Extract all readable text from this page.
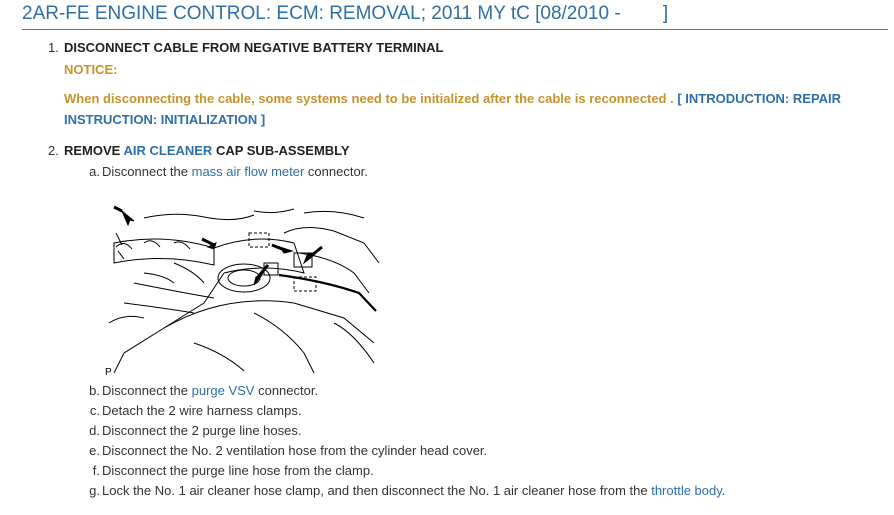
2AR-FE ENGINE CONTROL: ECM: REMOVAL; 2011 MY tC [08/2010 -        ]
1. DISCONNECT CABLE FROM NEGATIVE BATTERY TERMINAL
NOTICE:
When disconnecting the cable, some systems need to be initialized after the cable is reconnected . [ INTRODUCTION: REPAIR
INSTRUCTION: INITIALIZATION ]
2. REMOVE AIR CLEANER CAP SUB-ASSEMBLY
a. Disconnect the mass air flow meter connector.
P
b. Disconnect the purge VSV connector.
c. Detach the 2 wire harness clamps.
d. Disconnect the 2 purge line hoses.
e. Disconnect the No. 2 ventilation hose from the cylinder head cover.
f. Disconnect the purge line hose from the clamp.
g. Lock the No. 1 air cleaner hose clamp, and then disconnect the No. 1 air cleaner hose from the throttle body.
